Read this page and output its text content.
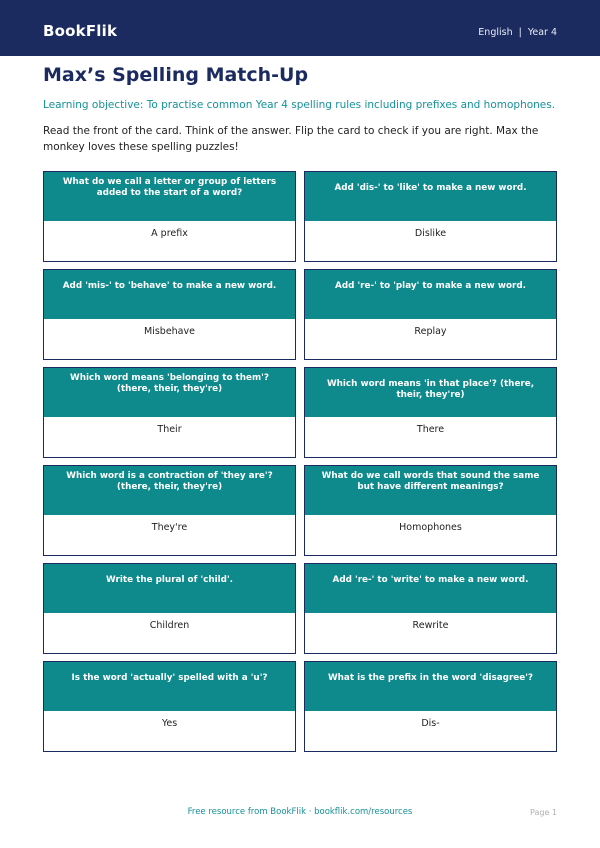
BookFlik	English | Year 4
Max’s Spelling Match-Up
Learning objective: To practise common Year 4 spelling rules including prefixes and homophones.
Read the front of the card. Think of the answer. Flip the card to check if you are right. Max the monkey loves these spelling puzzles!
What do we call a letter or group of letters added to the start of a word?
A prefix
Add 'dis-' to 'like' to make a new word.
Dislike
Add 'mis-' to 'behave' to make a new word.
Misbehave
Add 're-' to 'play' to make a new word.
Replay
Which word means 'belonging to them'? (there, their, they're)
Their
Which word means 'in that place'? (there, their, they're)
There
Which word is a contraction of 'they are'? (there, their, they're)
They're
What do we call words that sound the same but have different meanings?
Homophones
Write the plural of 'child'.
Children
Add 're-' to 'write' to make a new word.
Rewrite
Is the word 'actually' spelled with a 'u'?
Yes
What is the prefix in the word 'disagree'?
Dis-
Free resource from BookFlik · bookflik.com/resources	Page 1
